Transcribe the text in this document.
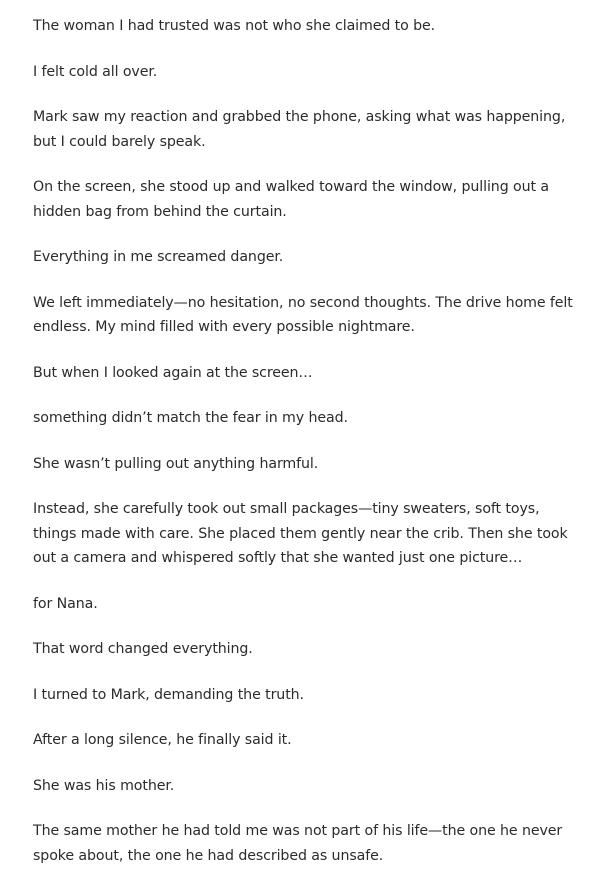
The woman I had trusted was not who she claimed to be.

I felt cold all over.

Mark saw my reaction and grabbed the phone, asking what was happening, but I could barely speak.

On the screen, she stood up and walked toward the window, pulling out a hidden bag from behind the curtain.

Everything in me screamed danger.

We left immediately—no hesitation, no second thoughts. The drive home felt endless. My mind filled with every possible nightmare.

But when I looked again at the screen…

something didn’t match the fear in my head.

She wasn’t pulling out anything harmful.

Instead, she carefully took out small packages—tiny sweaters, soft toys, things made with care. She placed them gently near the crib. Then she took out a camera and whispered softly that she wanted just one picture…

for Nana.

That word changed everything.

I turned to Mark, demanding the truth.

After a long silence, he finally said it.

She was his mother.

The same mother he had told me was not part of his life—the one he never spoke about, the one he had described as unsafe.
